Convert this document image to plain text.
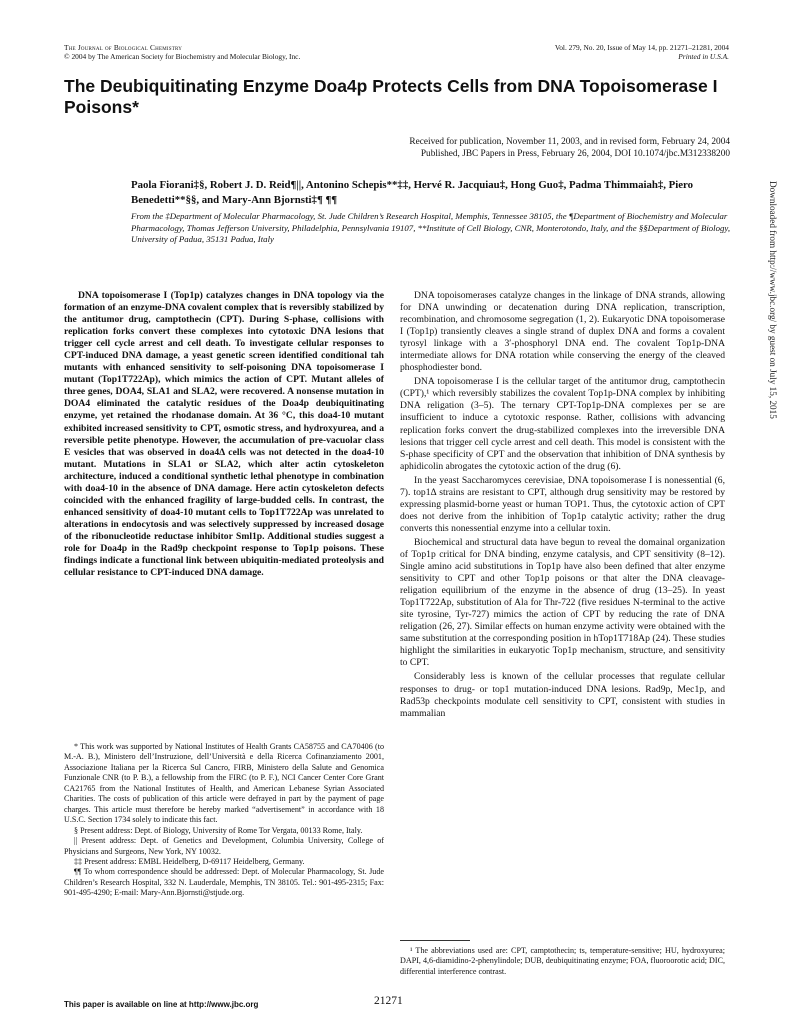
The Journal of Biological Chemistry
© 2004 by The American Society for Biochemistry and Molecular Biology, Inc.
Vol. 279, No. 20, Issue of May 14, pp. 21271–21281, 2004
Printed in U.S.A.
The Deubiquitinating Enzyme Doa4p Protects Cells from DNA Topoisomerase I Poisons*
Received for publication, November 11, 2003, and in revised form, February 24, 2004
Published, JBC Papers in Press, February 26, 2004, DOI 10.1074/jbc.M312338200
Paola Fiorani‡§, Robert J. D. Reid¶||, Antonino Schepis**‡‡, Hervé R. Jacquiau‡, Hong Guo‡, Padma Thimmaiah‡, Piero Benedetti**§§, and Mary-Ann Bjornsti‡¶ ¶¶
From the ‡Department of Molecular Pharmacology, St. Jude Children’s Research Hospital, Memphis, Tennessee 38105, the ¶Department of Biochemistry and Molecular Pharmacology, Thomas Jefferson University, Philadelphia, Pennsylvania 19107, **Institute of Cell Biology, CNR, Monterotondo, Italy, and the §§Department of Biology, University of Padua, 35131 Padua, Italy
DNA topoisomerase I (Top1p) catalyzes changes in DNA topology via the formation of an enzyme-DNA covalent complex that is reversibly stabilized by the antitumor drug, camptothecin (CPT). During S-phase, collisions with replication forks convert these complexes into cytotoxic DNA lesions that trigger cell cycle arrest and cell death. To investigate cellular responses to CPT-induced DNA damage, a yeast genetic screen identified conditional tah mutants with enhanced sensitivity to self-poisoning DNA topoisomerase I mutant (Top1T722Ap), which mimics the action of CPT. Mutant alleles of three genes, DOA4, SLA1 and SLA2, were recovered. A nonsense mutation in DOA4 eliminated the catalytic residues of the Doa4p deubiquitinating enzyme, yet retained the rhodanase domain. At 36 °C, this doa4-10 mutant exhibited increased sensitivity to CPT, osmotic stress, and hydroxyurea, and a reversible petite phenotype. However, the accumulation of pre-vacuolar class E vesicles that was observed in doa4Δ cells was not detected in the doa4-10 mutant. Mutations in SLA1 or SLA2, which alter actin cytoskeleton architecture, induced a conditional synthetic lethal phenotype in combination with doa4-10 in the absence of DNA damage. Here actin cytoskeleton defects coincided with the enhanced fragility of large-budded cells. In contrast, the enhanced sensitivity of doa4-10 mutant cells to Top1T722Ap was unrelated to alterations in endocytosis and was selectively suppressed by increased dosage of the ribonucleotide reductase inhibitor Sml1p. Additional studies suggest a role for Doa4p in the Rad9p checkpoint response to Top1p poisons. These findings indicate a functional link between ubiquitin-mediated proteolysis and cellular resistance to CPT-induced DNA damage.

* This work was supported by National Institutes of Health Grants CA58755 and CA70406 (to M.-A. B.), Ministero dell’Instruzione, dell’Università e della Ricerca Cofinanziamento 2001, Associazione Italiana per la Ricerca Sul Cancro, FIRB, Ministero della Salute and Genomica Funzionale CNR (to P. B.), a fellowship from the FIRC (to P. F.), NCI Cancer Center Core Grant CA21765 from the National Institutes of Health, and American Lebanese Syrian Associated Charities. The costs of publication of this article were defrayed in part by the payment of page charges. This article must therefore be hereby marked “advertisement” in accordance with 18 U.S.C. Section 1734 solely to indicate this fact.

§ Present address: Dept. of Biology, University of Rome Tor Vergata, 00133 Rome, Italy.

|| Present address: Dept. of Genetics and Development, Columbia University, College of Physicians and Surgeons, New York, NY 10032.

‡‡ Present address: EMBL Heidelberg, D-69117 Heidelberg, Germany.

¶¶ To whom correspondence should be addressed: Dept. of Molecular Pharmacology, St. Jude Children’s Research Hospital, 332 N. Lauderdale, Memphis, TN 38105. Tel.: 901-495-2315; Fax: 901-495-4290; E-mail: Mary-Ann.Bjornsti@stjude.org.

DNA topoisomerases catalyze changes in the linkage of DNA strands, allowing for DNA unwinding or decatenation during DNA replication, transcription, recombination, and chromosome segregation (1, 2). Eukaryotic DNA topoisomerase I (Top1p) transiently cleaves a single strand of duplex DNA and forms a covalent tyrosyl linkage with a 3′-phosphoryl DNA end. The covalent Top1p-DNA intermediate allows for DNA rotation while conserving the energy of the cleaved phosphodiester bond.

DNA topoisomerase I is the cellular target of the antitumor drug, camptothecin (CPT),¹ which reversibly stabilizes the covalent Top1p-DNA complex by inhibiting DNA religation (3–5). The ternary CPT-Top1p-DNA complexes per se are insufficient to induce a cytotoxic response. Rather, collisions with advancing replication forks convert the drug-stabilized complexes into the irreversible DNA lesions that trigger cell cycle arrest and cell death. This model is consistent with the S-phase specificity of CPT and the observation that inhibition of DNA synthesis by aphidicolin abrogates the cytotoxic action of the drug (6).

In the yeast Saccharomyces cerevisiae, DNA topoisomerase I is nonessential (6, 7). top1Δ strains are resistant to CPT, although drug sensitivity may be restored by expressing plasmid-borne yeast or human TOP1. Thus, the cytotoxic action of CPT does not derive from the inhibition of Top1p catalytic activity; rather the drug converts this nonessential enzyme into a cellular toxin.

Biochemical and structural data have begun to reveal the domainal organization of Top1p critical for DNA binding, enzyme catalysis, and CPT sensitivity (8–12). Single amino acid substitutions in Top1p have also been defined that alter enzyme sensitivity to CPT and other Top1p poisons or that alter the DNA cleavage-religation equilibrium of the enzyme in the absence of drug (13–25). In yeast Top1T722Ap, substitution of Ala for Thr-722 (five residues N-terminal to the active site tyrosine, Tyr-727) mimics the action of CPT by reducing the rate of DNA religation (26, 27). Similar effects on human enzyme activity were obtained with the same substitution at the corresponding position in hTop1T718Ap (24). These studies highlight the similarities in eukaryotic Top1p mechanism, structure, and sensitivity to CPT.

Considerably less is known of the cellular processes that regulate cellular responses to drug- or top1 mutation-induced DNA lesions. Rad9p, Mec1p, and Rad53p checkpoints modulate cell sensitivity to CPT, consistent with studies in mammalian

¹ The abbreviations used are: CPT, camptothecin; ts, temperature-sensitive; HU, hydroxyurea; DAPI, 4,6-diamidino-2-phenylindole; DUB, deubiquitinating enzyme; FOA, fluoroorotic acid; DIC, differential interference contrast.
This paper is available on line at http://www.jbc.org	21271
Downloaded from http://www.jbc.org/ by guest on July 15, 2015
